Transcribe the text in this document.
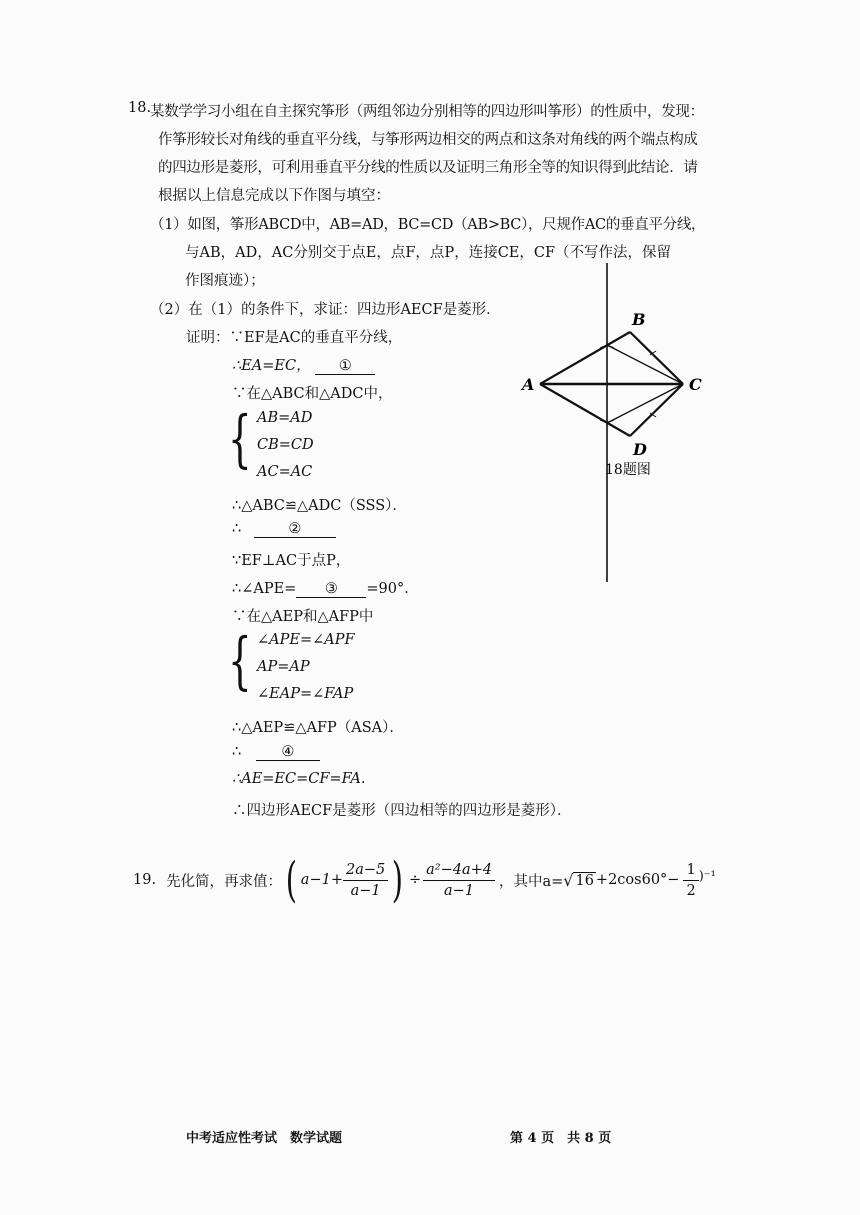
18.
某数学学习小组在自主探究筝形（两组邻边分别相等的四边形叫筝形）的性质中，发现：
作筝形较长对角线的垂直平分线，与筝形两边相交的两点和这条对角线的两个端点构成
的四边形是菱形，可利用垂直平分线的性质以及证明三角形全等的知识得到此结论．请
根据以上信息完成以下作图与填空：
（1）如图，筝形ABCD中，AB=AD，BC=CD（AB>BC），尺规作AC的垂直平分线，
与AB，AD，AC分别交于点E，点F，点P，连接CE，CF（不写作法，保留
作图痕迹）；
（2）在（1）的条件下，求证：四边形AECF是菱形．
证明：∵EF是AC的垂直平分线，
∴EA=EC， ①
∵在△ABC和△ADC中，
{ AB=AD
CB=CD
AC=AC
∴△ABC≌△ADC（SSS）．
∴	②
∵EF⊥AC于点P，
∴∠APE= ③ =90°．
∵在△AEP和△AFP中
{ ∠APE=∠APF
AP=AP
∠EAP=∠FAP
∴△AEP≌△AFP（ASA）．
∴	④
∴AE=EC=CF=FA.
∴四边形AECF是菱形（四边相等的四边形是菱形）．
A
B
C
D
18题图
19. 先化简，再求值： ( $a-1+ \frac{2a-5}{a-1}$ ) ÷ $\frac{\text{a²−4a+4}}{a-1}$ ，其中a= √ $16 +2\cos 60^\circ- \frac{1}{2} )^{-1}$
中考适应性考试　数学试题	第 4 页　共 8 页
